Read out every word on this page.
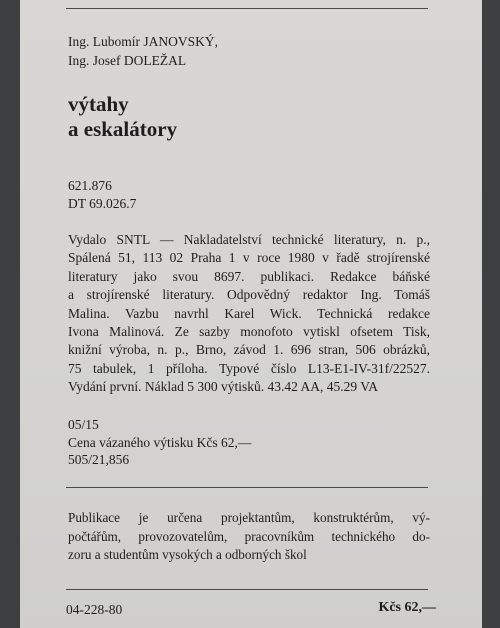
Ing. Lubomír JANOVSKÝ,
Ing. Josef DOLEŽAL
výtahy
a eskalátory
621.876
DT 69.026.7
Vydalo SNTL — Nakladatelství technické literatury, n. p.,
Spálená 51, 113 02 Praha 1 v roce 1980 v řadě strojírenské
literatury jako svou 8697. publikaci. Redakce báňské
a strojírenské literatury. Odpovědný redaktor Ing. Tomáš
Malina. Vazbu navrhl Karel Wick. Technická redakce
Ivona Malinová. Ze sazby monofoto vytiskl ofsetem Tisk,
knižní výroba, n. p., Brno, závod 1. 696 stran, 506 obrázků,
75 tabulek, 1 příloha. Typové číslo L13-E1-IV-31f/22527.
Vydání první. Náklad 5 300 výtisků. 43.42 AA, 45.29 VA
05/15
Cena vázaného výtisku Kčs 62,—
505/21,856
Publikace je určena projektantům, konstruktérům, vý-
počtářům, provozovatelům, pracovníkům technického do-
zoru a studentům vysokých a odborných škol
04-228-80	Kčs 62,—
